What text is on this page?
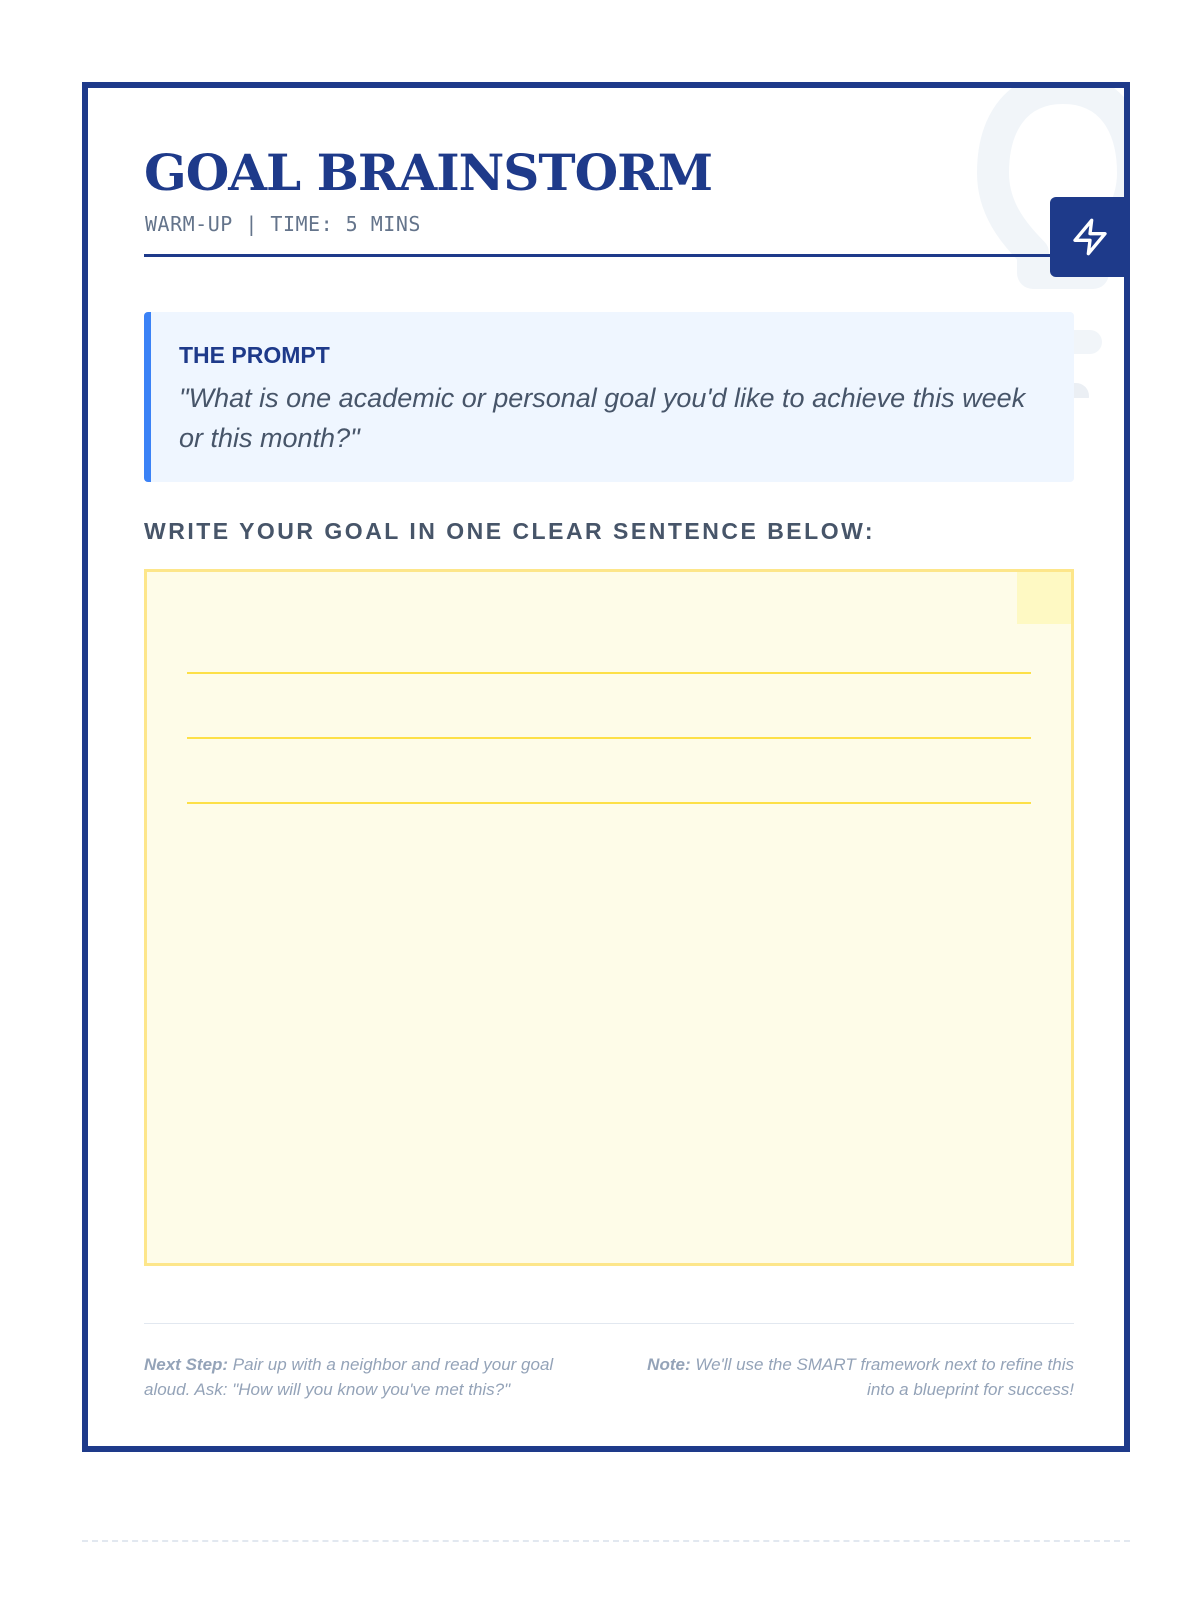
GOAL BRAINSTORM
WARM-UP | TIME: 5 MINS
THE PROMPT
"What is one academic or personal goal you'd like to achieve this week or this month?"
WRITE YOUR GOAL IN ONE CLEAR SENTENCE BELOW:
Next Step: Pair up with a neighbor and read your goal aloud. Ask: "How will you know you've met this?"
Note: We'll use the SMART framework next to refine this into a blueprint for success!
